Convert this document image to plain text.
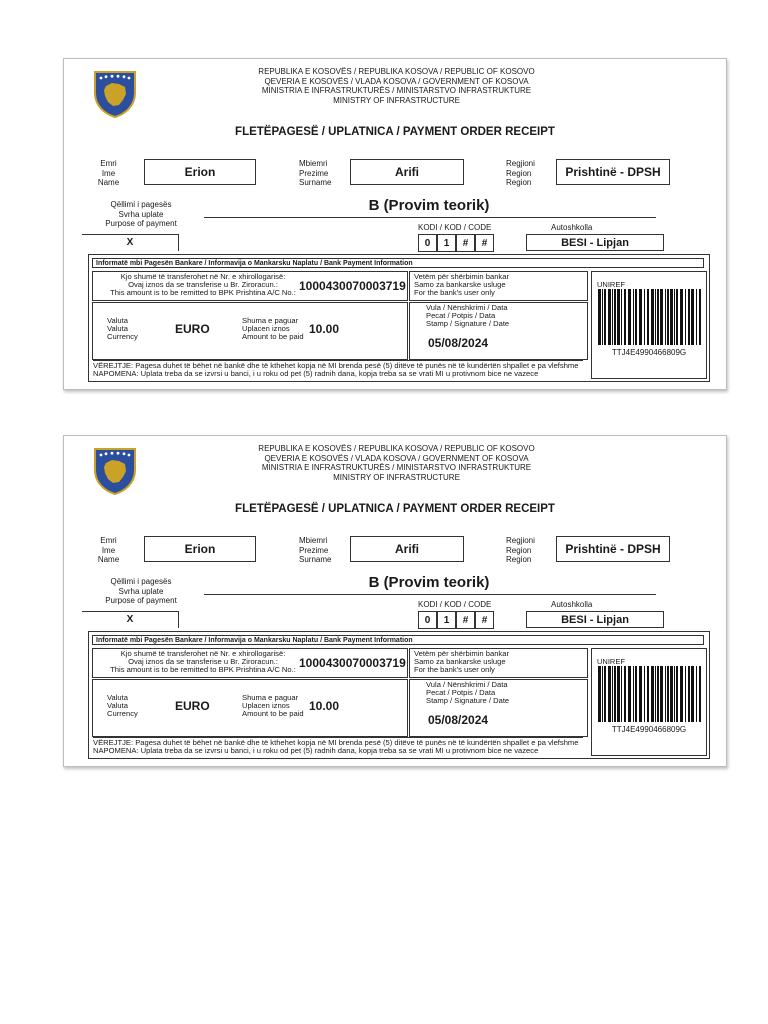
REPUBLIKA E KOSOVËS / REPUBLIKA KOSOVA / REPUBLIC OF KOSOVO
QEVERIA E KOSOVËS / VLADA KOSOVA / GOVERNMENT OF KOSOVA
MINISTRIA E INFRASTRUKTURËS / MINISTARSTVO INFRASTRUKTURE
MINISTRY OF INFRASTRUCTURE
FLETËPAGESË / UPLATNICA / PAYMENT ORDER RECEIPT
Emri
Ime
Name
Erion
Mbiemri
Prezime
Surname
Arifi
Regjioni
Region
Region
Prishtinë - DPSH
Qëllimi i pagesës
Svrha uplate
Purpose of payment
B (Provim teorik)
X
KODI / KOD / CODE
0	1	#	#
Autoshkolla
BESI - Lipjan
Informatë mbi Pagesën Bankare / Informavija o Mankarsku Naplatu / Bank Payment Information
Kjo shumë të transferohet në Nr. e xhirollogarisë:
Ovaj iznos da se transferise u Br. Ziroracun.:
This amount is to be remitted to BPK Prishtina A/C No.: 1000430070003719
Vetëm për shërbimin bankar
Samo za bankarske usluge
For the bank's user only
Valuta
Valuta
Currency
EURO
Shuma e paguar
Uplacen iznos
Amount to be paid
10.00
Vula / Nënshkrimi / Data
Pecat / Potpis / Data
Stamp / Signature / Date
05/08/2024
VËREJTJE: Pagesa duhet të bëhet në bankë dhe të kthehet kopja në MI brenda pesë (5) ditëve të punës në të kundërtën shpallet e pa vlefshme
NAPOMENA: Uplata treba da se izvrsi u banci, i u roku od pet (5) radnih dana, kopja treba sa se vrati MI u protivnom bice ne vazece
UNIREF
TTJ4E4990466809G
REPUBLIKA E KOSOVËS / REPUBLIKA KOSOVA / REPUBLIC OF KOSOVO
QEVERIA E KOSOVËS / VLADA KOSOVA / GOVERNMENT OF KOSOVA
MINISTRIA E INFRASTRUKTURËS / MINISTARSTVO INFRASTRUKTURE
MINISTRY OF INFRASTRUCTURE
FLETËPAGESË / UPLATNICA / PAYMENT ORDER RECEIPT
Emri
Ime
Name
Erion
Mbiemri
Prezime
Surname
Arifi
Regjioni
Region
Region
Prishtinë - DPSH
Qëllimi i pagesës
Svrha uplate
Purpose of payment
B (Provim teorik)
X
KODI / KOD / CODE
0	1	#	#
Autoshkolla
BESI - Lipjan
Informatë mbi Pagesën Bankare / Informavija o Mankarsku Naplatu / Bank Payment Information
Kjo shumë të transferohet në Nr. e xhirollogarisë:
Ovaj iznos da se transferise u Br. Ziroracun.:
This amount is to be remitted to BPK Prishtina A/C No.: 1000430070003719
Vetëm për shërbimin bankar
Samo za bankarske usluge
For the bank's user only
Valuta
Valuta
Currency
EURO
Shuma e paguar
Uplacen iznos
Amount to be paid
10.00
Vula / Nënshkrimi / Data
Pecat / Potpis / Data
Stamp / Signature / Date
05/08/2024
VËREJTJE: Pagesa duhet të bëhet në bankë dhe të kthehet kopja në MI brenda pesë (5) ditëve të punës në të kundërtën shpallet e pa vlefshme
NAPOMENA: Uplata treba da se izvrsi u banci, i u roku od pet (5) radnih dana, kopja treba sa se vrati MI u protivnom bice ne vazece
UNIREF
TTJ4E4990466809G
